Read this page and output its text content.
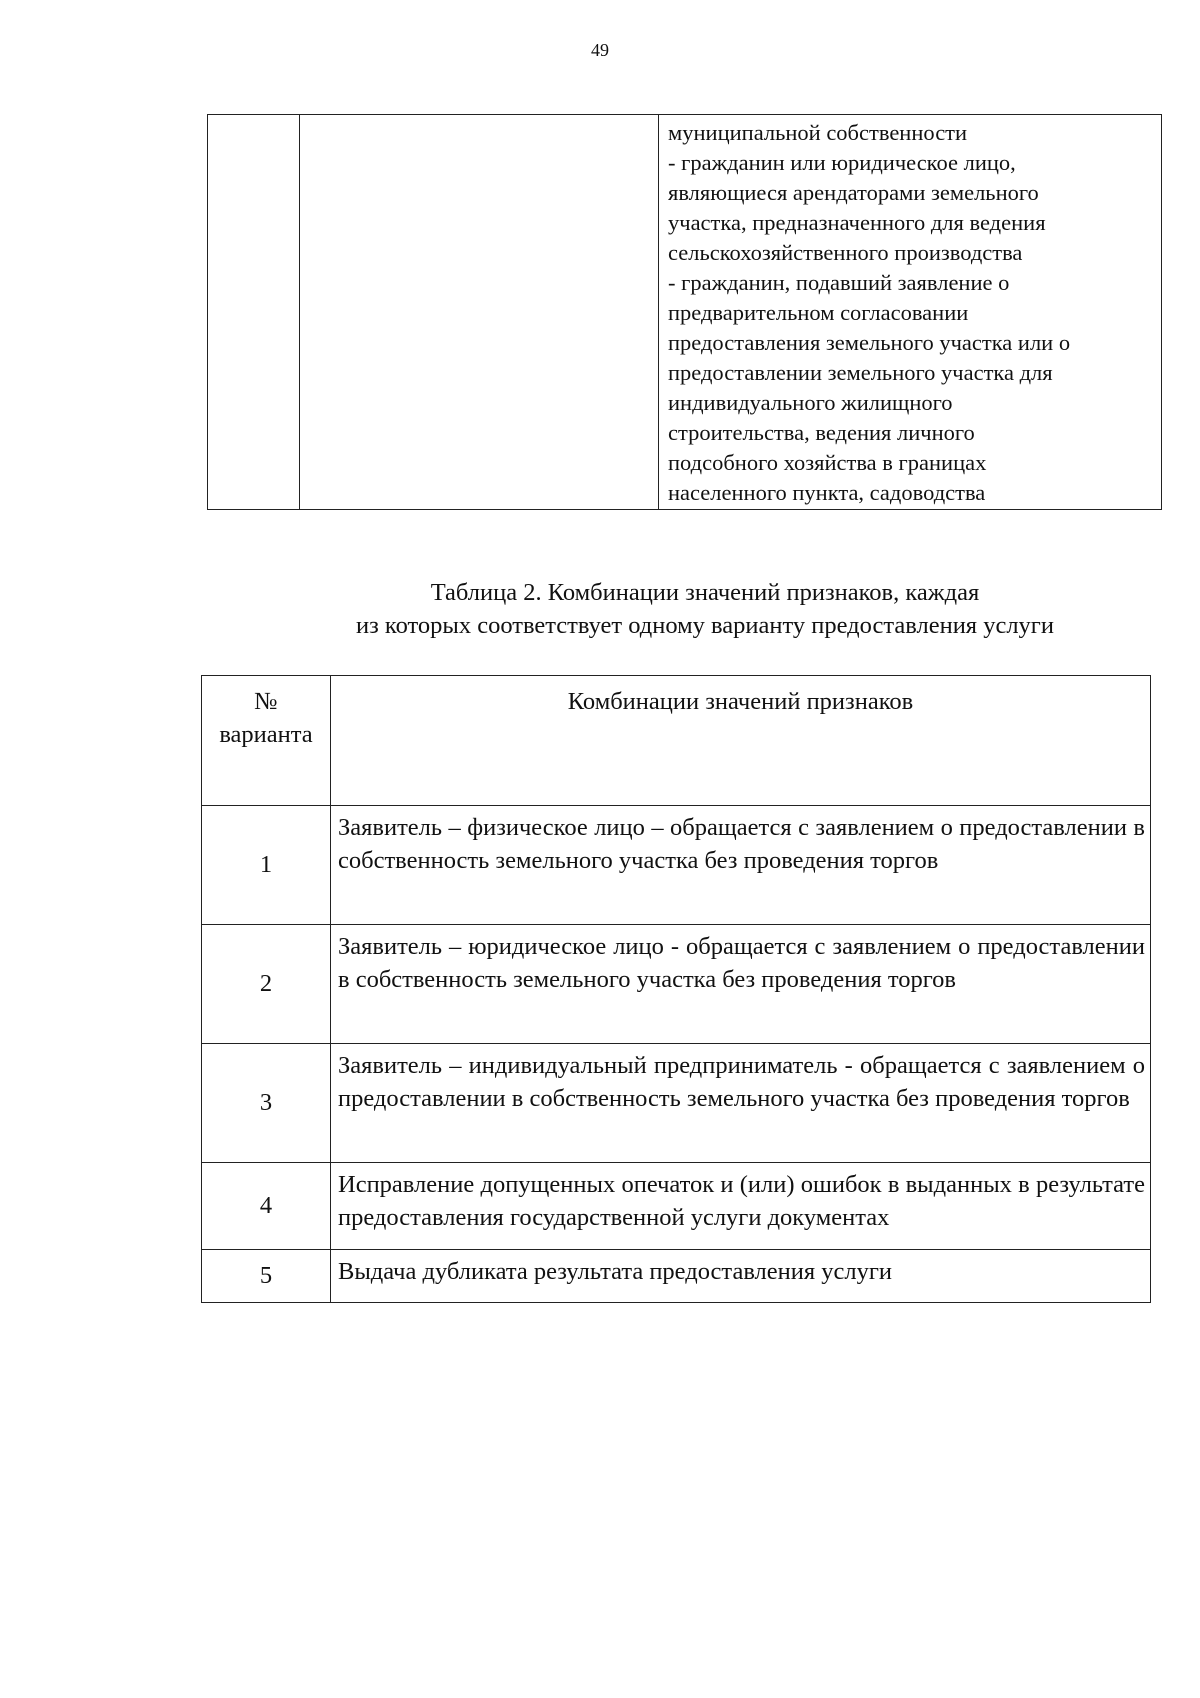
49

муниципальной собственности
- гражданин или юридическое лицо,
являющиеся арендаторами земельного
участка, предназначенного для ведения
сельскохозяйственного производства
- гражданин, подавший заявление о
предварительном согласовании
предоставления земельного участка или о
предоставлении земельного участка для
индивидуального жилищного
строительства, ведения личного
подсобного хозяйства в границах
населенного пункта, садоводства
Таблица 2. Комбинации значений признаков, каждая
из которых соответствует одному варианту предоставления услуги
№
варианта	Комбинации значений признаков
1	Заявитель – физическое лицо – обращается с заявлением о предоставлении в собственность земельного участка без проведения торгов
2	Заявитель – юридическое лицо - обращается с заявлением о предоставлении в собственность земельного участка без проведения торгов
3	Заявитель – индивидуальный предприниматель - обращается с заявлением о предоставлении в собственность земельного участка без проведения торгов
4	Исправление допущенных опечаток и (или) ошибок в выданных в результате предоставления государственной услуги документах
5	Выдача дубликата результата предоставления услуги
